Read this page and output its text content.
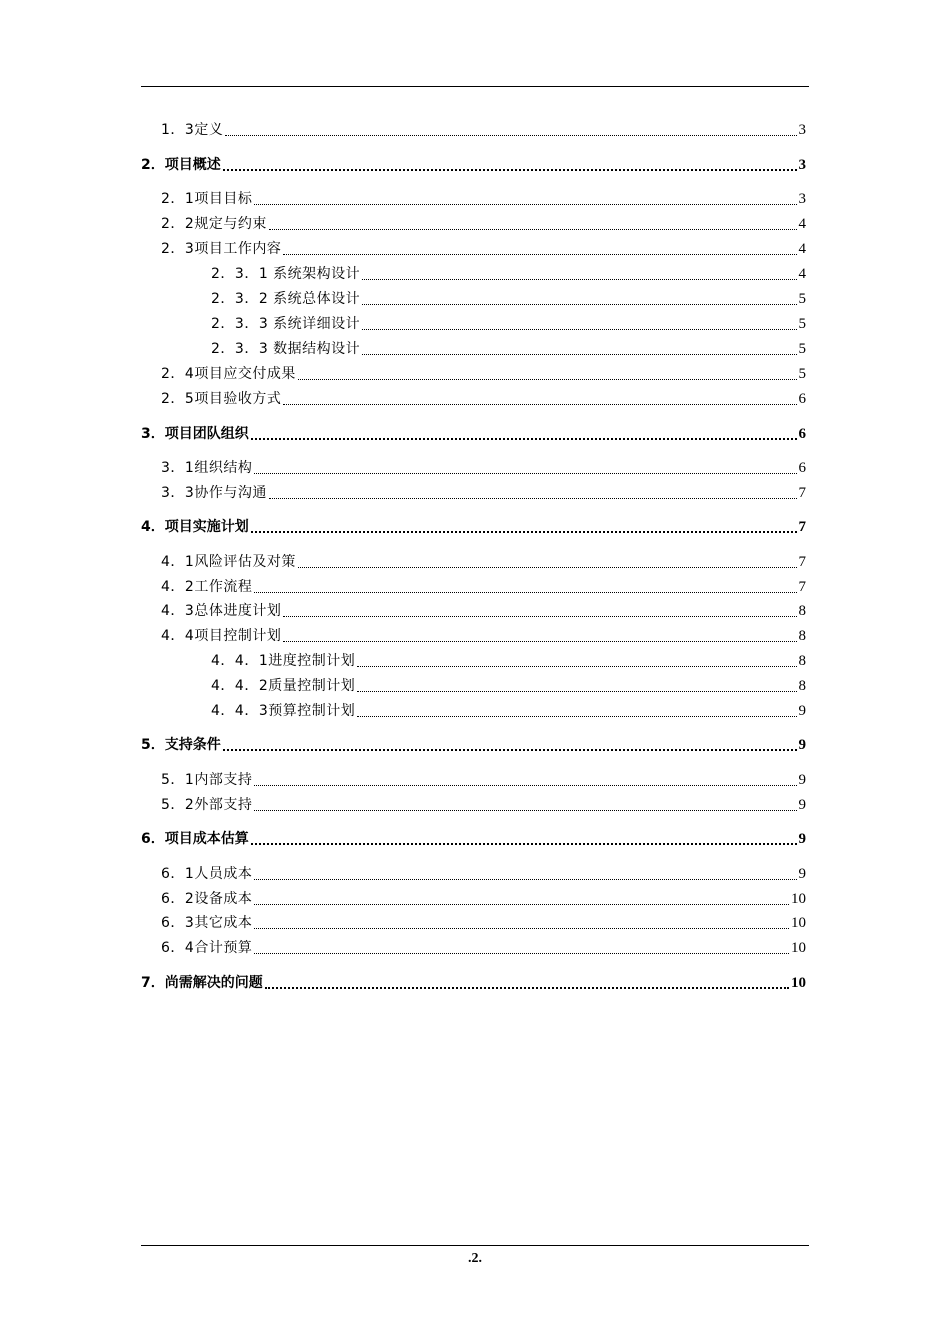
1．3定义	3
2．项目概述	3
2．1项目目标	3
2．2规定与约束	4
2．3项目工作内容	4
2．3．1 系统架构设计	4
2．3．2 系统总体设计	5
2．3．3 系统详细设计	5
2．3．3 数据结构设计	5
2．4项目应交付成果	5
2．5项目验收方式	6
3．项目团队组织	6
3．1组织结构	6
3．3协作与沟通	7
4．项目实施计划	7
4．1风险评估及对策	7
4．2工作流程	7
4．3总体进度计划	8
4．4项目控制计划	8
4．4．1进度控制计划	8
4．4．2质量控制计划	8
4．4．3预算控制计划	9
5．支持条件	9
5．1内部支持	9
5．2外部支持	9
6．项目成本估算	9
6．1人员成本	9
6．2设备成本	10
6．3其它成本	10
6．4合计预算	10
7．尚需解决的问题	10
.2.
